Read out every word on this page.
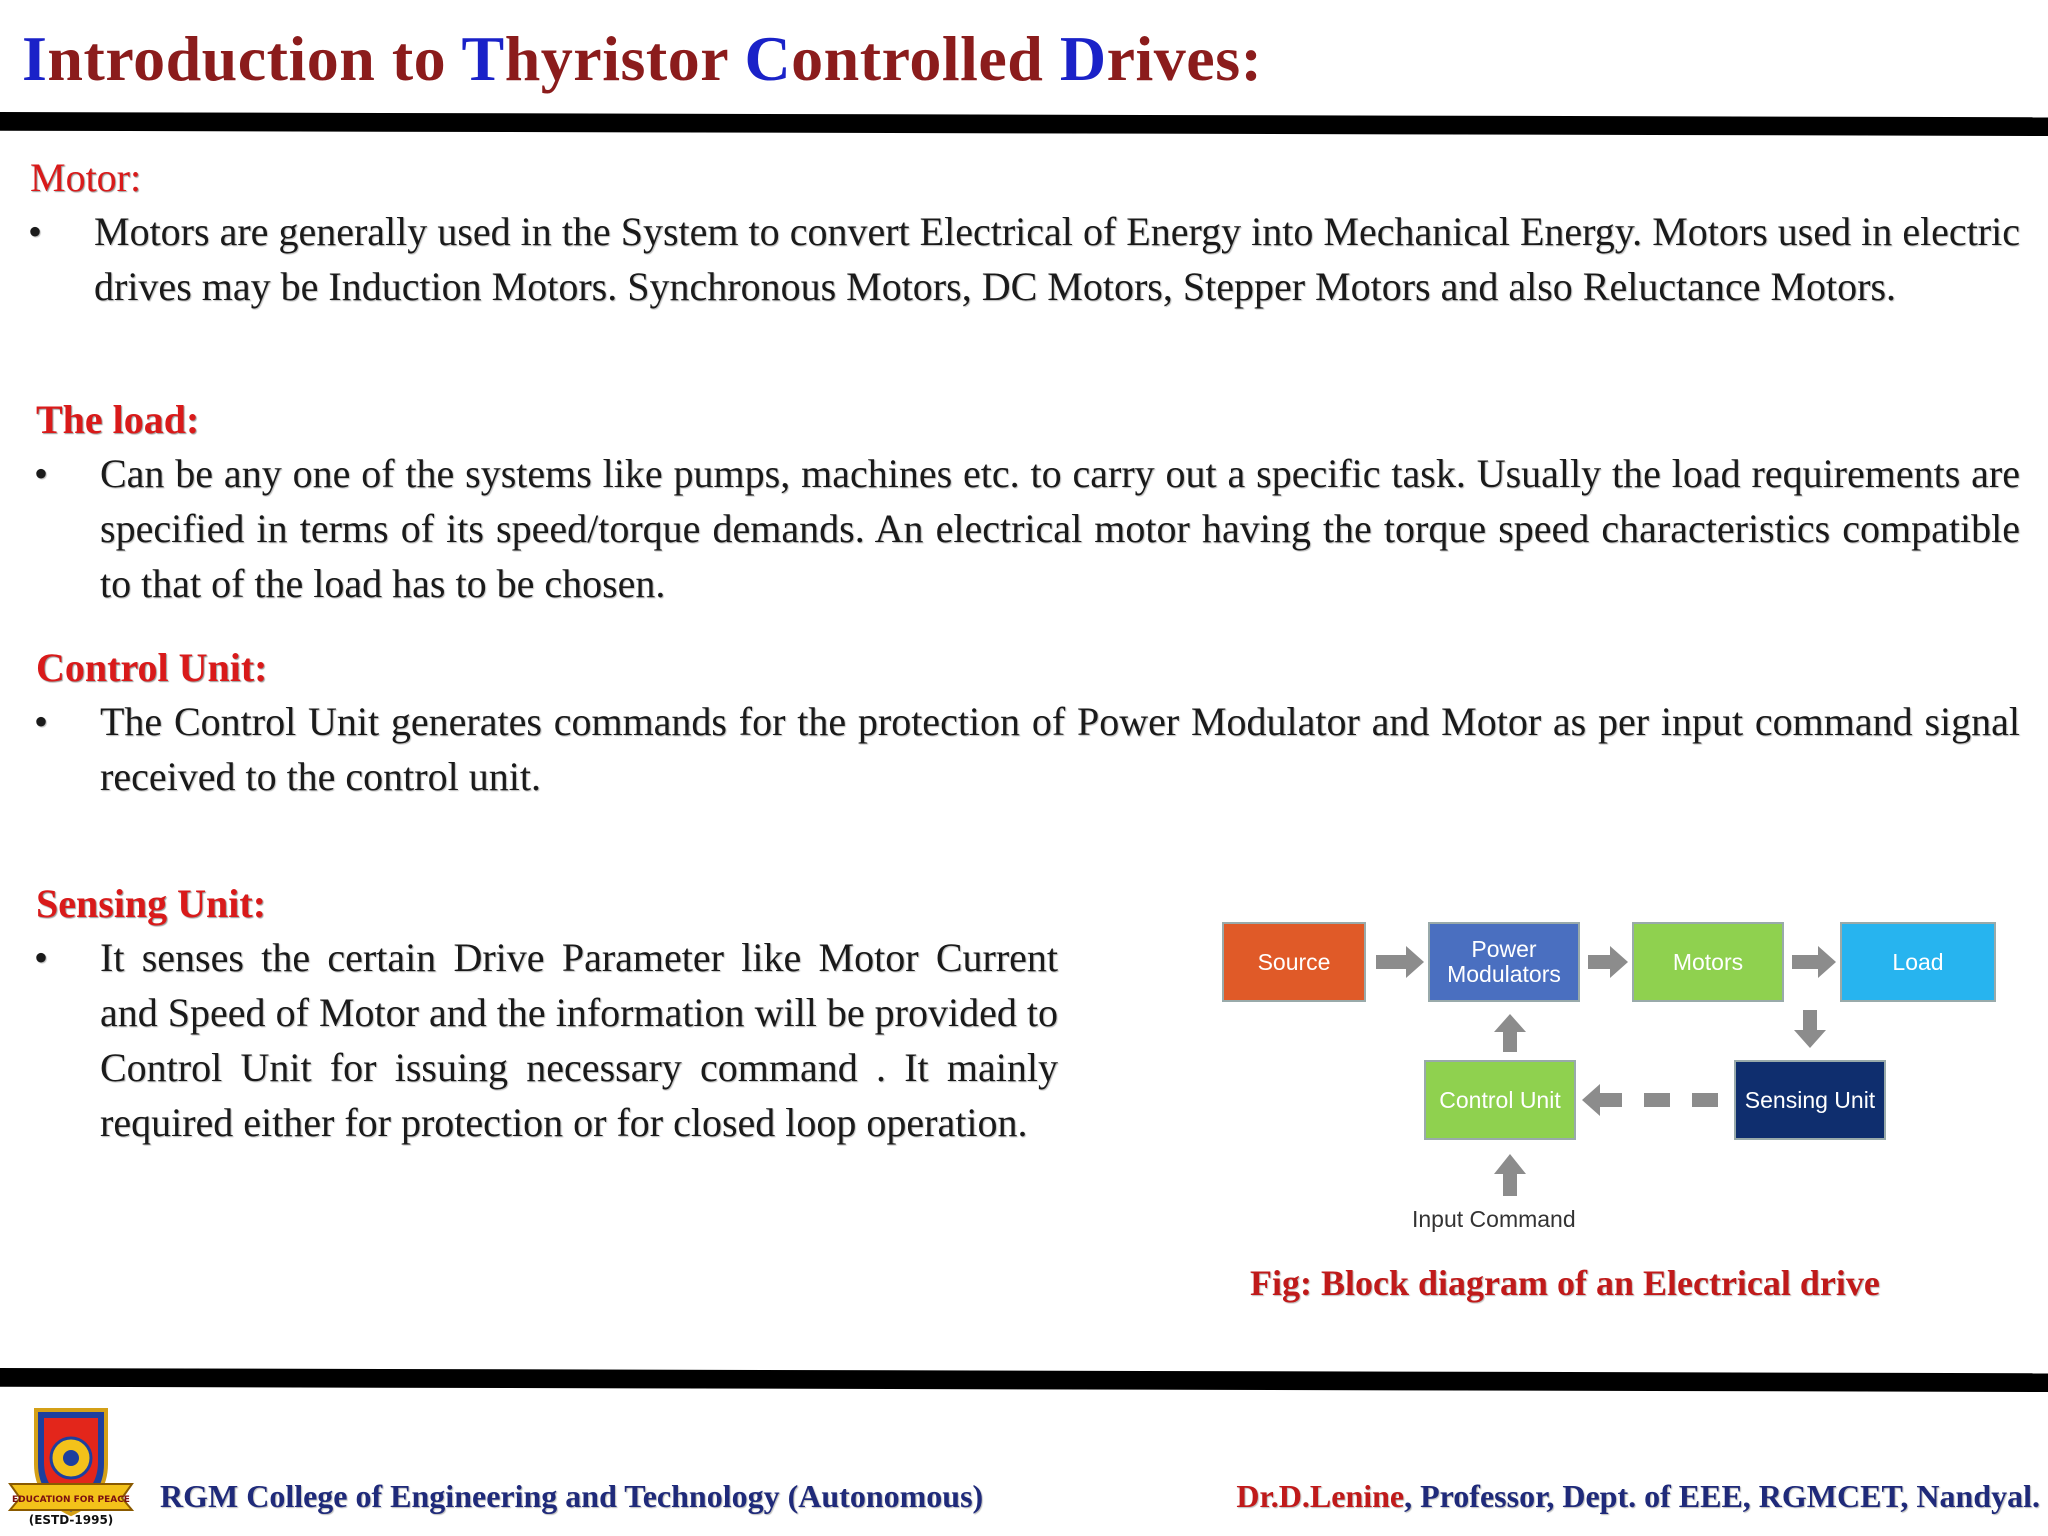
Introduction to Thyristor Controlled Drives:
Motor:
• Motors are generally used in the System to convert Electrical of Energy into Mechanical Energy. Motors used in electric drives may be Induction Motors. Synchronous Motors, DC Motors, Stepper Motors and also Reluctance Motors.
The load:
• Can be any one of the systems like pumps, machines etc. to carry out a specific task. Usually the load requirements are specified in terms of its speed/torque demands. An electrical motor having the torque speed characteristics compatible to that of the load has to be chosen.
Control Unit:
• The Control Unit generates commands for the protection of Power Modulator and Motor as per input command signal received to the control unit.
Sensing Unit:
• It senses the certain Drive Parameter like Motor Current and Speed of Motor and the information will be provided to Control Unit for issuing necessary command . It mainly required either for protection or for closed loop operation.
Source	Power Modulators	Motors	Load
Control Unit	Sensing Unit
Input Command
Fig: Block diagram of an Electrical drive
EDUCATION FOR PEACE
(ESTD-1995)
RGM College of Engineering and Technology (Autonomous)	Dr.D.Lenine, Professor, Dept. of EEE, RGMCET, Nandyal.
